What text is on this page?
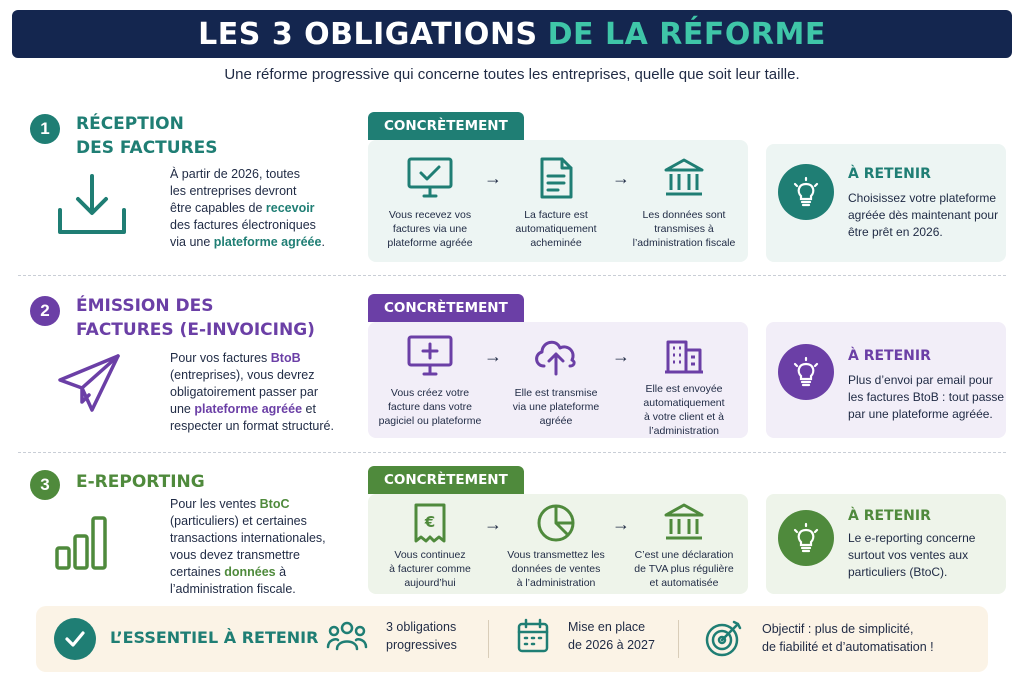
LES 3 OBLIGATIONS DE LA RÉFORME
Une réforme progressive qui concerne toutes les entreprises, quelle que soit leur taille.
1	RÉCEPTION
DES FACTURES
À partir de 2026, toutes
les entreprises devront
être capables de recevoir
des factures électroniques
via une plateforme agréée.
CONCRÈTEMENT
Vous recevez vos
factures via une
plateforme agréée
→
La facture est
automatiquement
acheminée
→
Les données sont
transmises à
l’administration fiscale
À RETENIR
Choisissez votre plateforme
agréée dès maintenant pour
être prêt en 2026.
2	ÉMISSION DES
FACTURES (E-INVOICING)
Pour vos factures BtoB
(entreprises), vous devrez
obligatoirement passer par
une plateforme agréée et
respecter un format structuré.
CONCRÈTEMENT
Vous créez votre
facture dans votre
pagiciel ou plateforme
→
Elle est transmise
via une plateforme
agréée
→
Elle est envoyée
automatiquement
à votre client et à
l’administration
À RETENIR
Plus d’envoi par email pour
les factures BtoB : tout passe
par une plateforme agréée.
3	E-REPORTING
Pour les ventes BtoC
(particuliers) et certaines
transactions internationales,
vous devez transmettre
certaines données à
l’administration fiscale.
CONCRÈTEMENT
€
Vous continuez
à facturer comme
aujourd’hui
→
Vous transmettez les
données de ventes
à l’administration
→
C’est une déclaration
de TVA plus régulière
et automatisée
À RETENIR
Le e-reporting concerne
surtout vos ventes aux
particuliers (BtoC).
L’ESSENTIEL À RETENIR
3 obligations
progressives
Mise en place
de 2026 à 2027
Objectif : plus de simplicité,
de fiabilité et d’automatisation !
